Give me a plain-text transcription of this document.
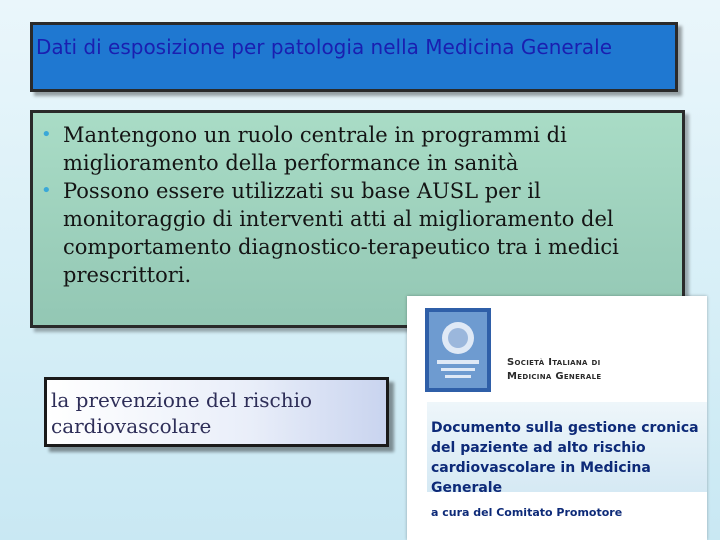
Dati di esposizione per patologia nella Medicina Generale
• Mantengono un ruolo centrale in programmi di miglioramento della performance in sanità
• Possono essere utilizzati su base AUSL per il monitoraggio di interventi atti al miglioramento del comportamento diagnostico-terapeutico tra i medici prescrittori.
la prevenzione del rischio cardiovascolare
Società Italiana di
Medicina Generale
Documento sulla gestione cronica
del paziente ad alto rischio
cardiovascolare in Medicina Generale
a cura del Comitato Promotore
